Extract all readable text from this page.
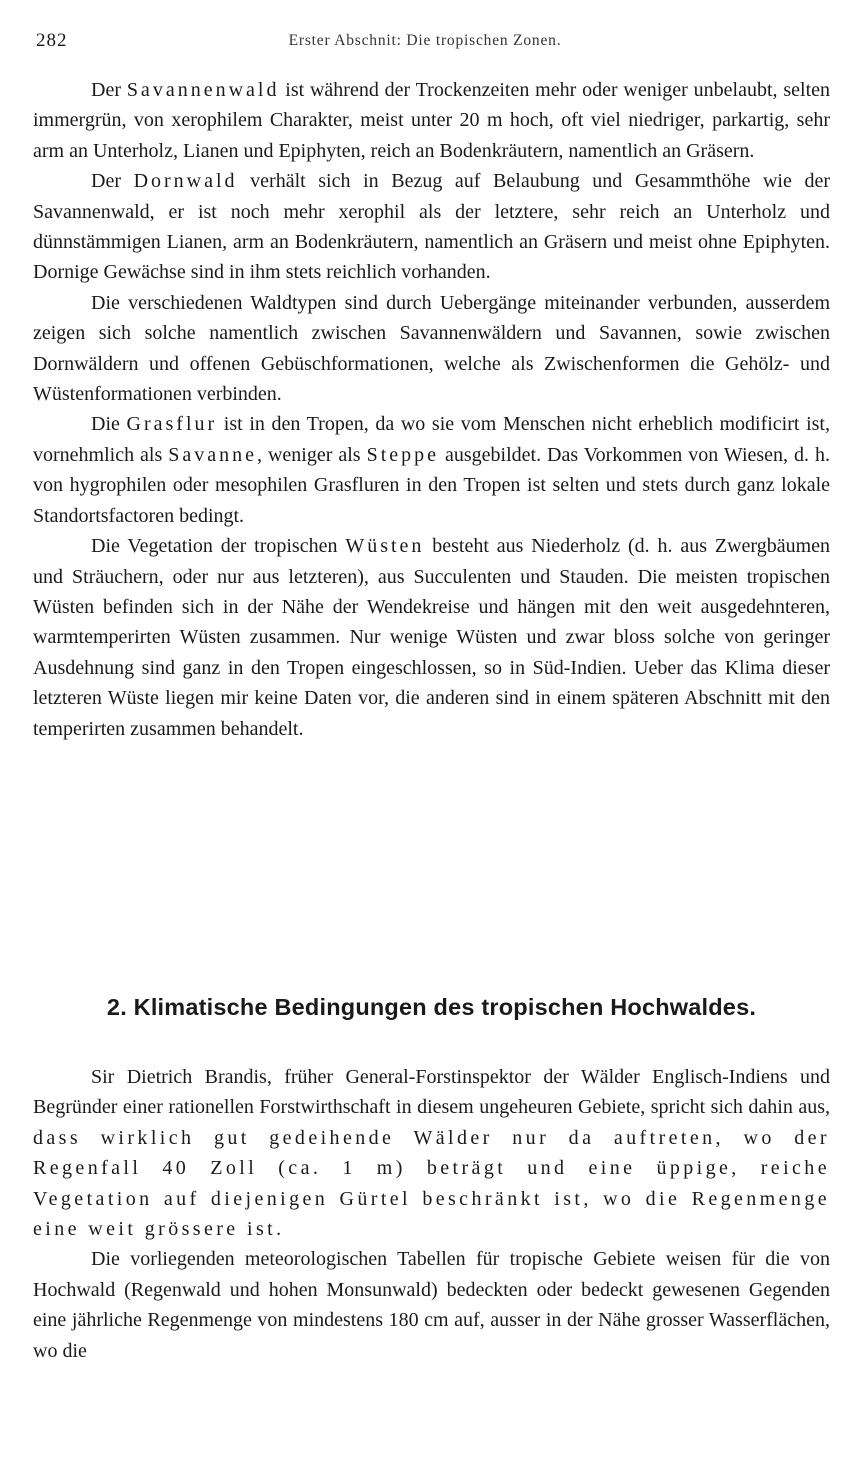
282	Erster Abschnit: Die tropischen Zonen.

Der Savannenwald ist während der Trockenzeiten mehr oder weniger unbelaubt, selten immergrün, von xerophilem Charakter, meist unter 20 m hoch, oft viel niedriger, parkartig, sehr arm an Unterholz, Lianen und Epiphyten, reich an Bodenkräutern, namentlich an Gräsern.

Der Dornwald verhält sich in Bezug auf Belaubung und Gesammthöhe wie der Savannenwald, er ist noch mehr xerophil als der letztere, sehr reich an Unterholz und dünnstämmigen Lianen, arm an Bodenkräutern, namentlich an Gräsern und meist ohne Epiphyten. Dornige Gewächse sind in ihm stets reichlich vorhanden.

Die verschiedenen Waldtypen sind durch Uebergänge miteinander verbunden, ausserdem zeigen sich solche namentlich zwischen Savannenwäldern und Savannen, sowie zwischen Dornwäldern und offenen Gebüschformationen, welche als Zwischenformen die Gehölz- und Wüstenformationen verbinden.

Die Grasflur ist in den Tropen, da wo sie vom Menschen nicht erheblich modificirt ist, vornehmlich als Savanne, weniger als Steppe ausgebildet. Das Vorkommen von Wiesen, d. h. von hygrophilen oder mesophilen Grasfluren in den Tropen ist selten und stets durch ganz lokale Standortsfactoren bedingt.

Die Vegetation der tropischen Wüsten besteht aus Niederholz (d. h. aus Zwergbäumen und Sträuchern, oder nur aus letzteren), aus Succulenten und Stauden. Die meisten tropischen Wüsten befinden sich in der Nähe der Wendekreise und hängen mit den weit ausgedehnteren, warmtemperirten Wüsten zusammen. Nur wenige Wüsten und zwar bloss solche von geringer Ausdehnung sind ganz in den Tropen eingeschlossen, so in Süd-Indien. Ueber das Klima dieser letzteren Wüste liegen mir keine Daten vor, die anderen sind in einem späteren Abschnitt mit den temperirten zusammen behandelt.

2. Klimatische Bedingungen des tropischen Hochwaldes.

Sir Dietrich Brandis, früher General-Forstinspektor der Wälder Englisch-Indiens und Begründer einer rationellen Forstwirthschaft in diesem ungeheuren Gebiete, spricht sich dahin aus, dass wirklich gut gedeihende Wälder nur da auftreten, wo der Regenfall 40 Zoll (ca. 1 m) beträgt und eine üppige, reiche Vegetation auf diejenigen Gürtel beschränkt ist, wo die Regenmenge eine weit grössere ist.

Die vorliegenden meteorologischen Tabellen für tropische Gebiete weisen für die von Hochwald (Regenwald und hohen Monsunwald) bedeckten oder bedeckt gewesenen Gegenden eine jährliche Regenmenge von mindestens 180 cm auf, ausser in der Nähe grosser Wasserflächen, wo die
